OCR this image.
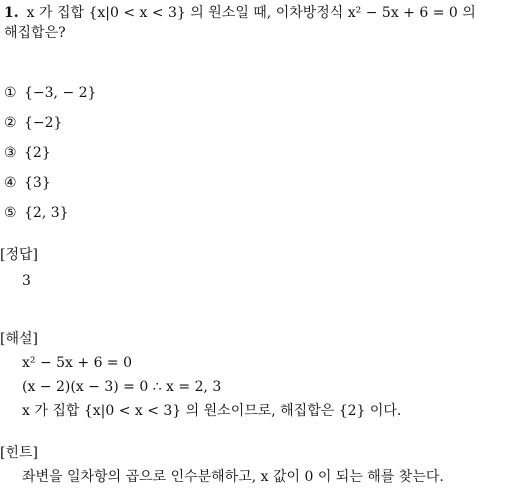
1. x 가 집합 {x|0 < x < 3} 의 원소일 때, 이차방정식 x² − 5x + 6 = 0 의
해집합은?
① {−3, − 2}
② {−2}
③ {2}
④ {3}
⑤ {2, 3}
[정답]
3
[해설]
x² − 5x + 6 = 0
(x − 2)(x − 3) = 0 ∴ x = 2, 3
x 가 집합 {x|0 < x < 3} 의 원소이므로, 해집합은 {2} 이다.
[힌트]
좌변을 일차항의 곱으로 인수분해하고, x 값이 0 이 되는 해를 찾는다.
